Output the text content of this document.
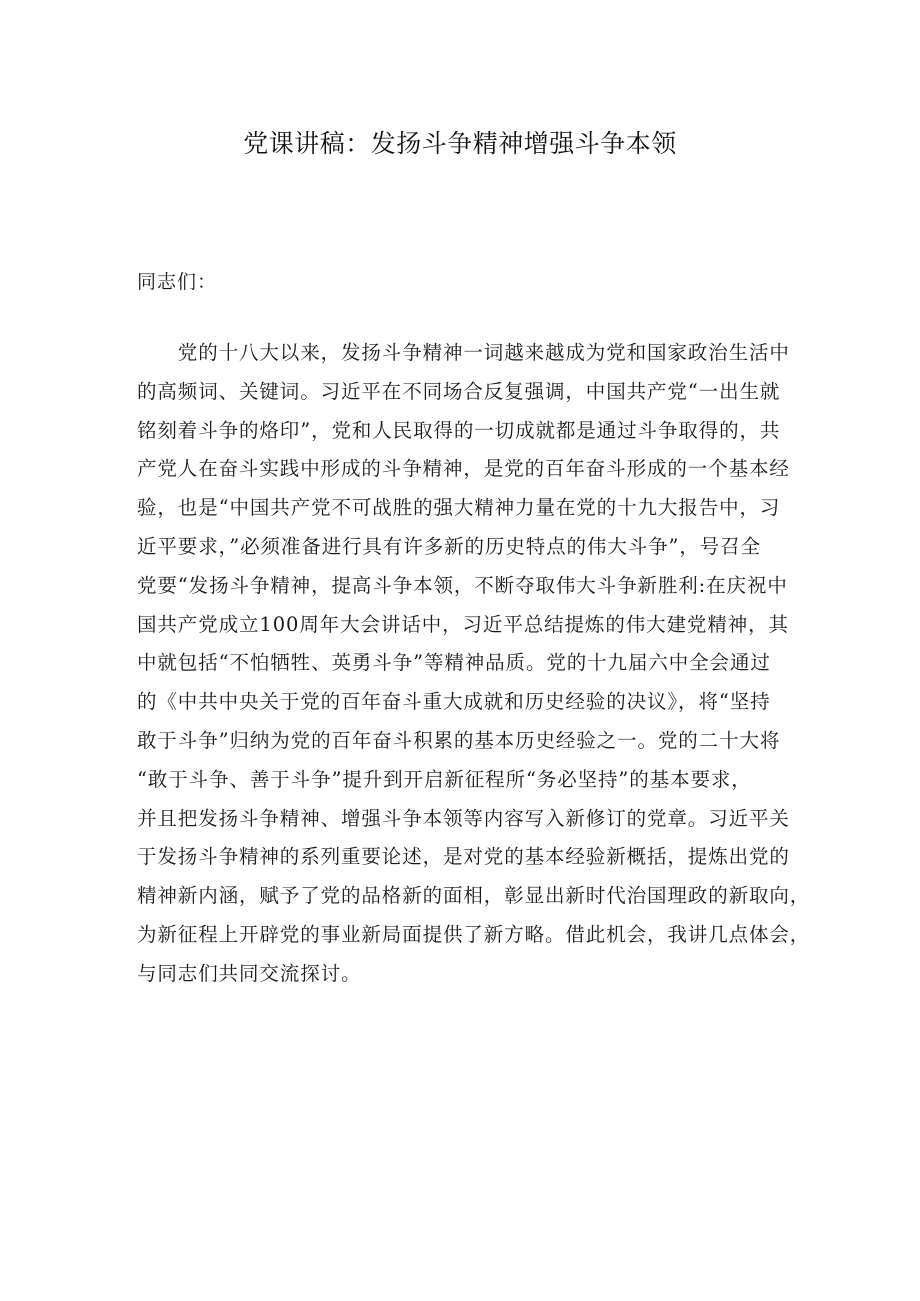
党课讲稿：发扬斗争精神增强斗争本领
同志们：
　　党的十八大以来，发扬斗争精神一词越来越成为党和国家政治生活中
的高频词、关键词。习近平在不同场合反复强调，中国共产党“一出生就
铭刻着斗争的烙印”，党和人民取得的一切成就都是通过斗争取得的，共
产党人在奋斗实践中形成的斗争精神，是党的百年奋斗形成的一个基本经
验，也是“中国共产党不可战胜的强大精神力量在党的十九大报告中，习
近平要求，”必须准备进行具有许多新的历史特点的伟大斗争”，号召全
党要“发扬斗争精神，提高斗争本领，不断夺取伟大斗争新胜利:在庆祝中
国共产党成立100周年大会讲话中，习近平总结提炼的伟大建党精神，其
中就包括“不怕牺牲、英勇斗争”等精神品质。党的十九届六中全会通过
的《中共中央关于党的百年奋斗重大成就和历史经验的决议》，将“坚持
敢于斗争”归纳为党的百年奋斗积累的基本历史经验之一。党的二十大将
“敢于斗争、善于斗争”提升到开启新征程所“务必坚持”的基本要求，
并且把发扬斗争精神、增强斗争本领等内容写入新修订的党章。习近平关
于发扬斗争精神的系列重要论述，是对党的基本经验新概括，提炼出党的
精神新内涵，赋予了党的品格新的面相，彰显出新时代治国理政的新取向，
为新征程上开辟党的事业新局面提供了新方略。借此机会，我讲几点体会，
与同志们共同交流探讨。
